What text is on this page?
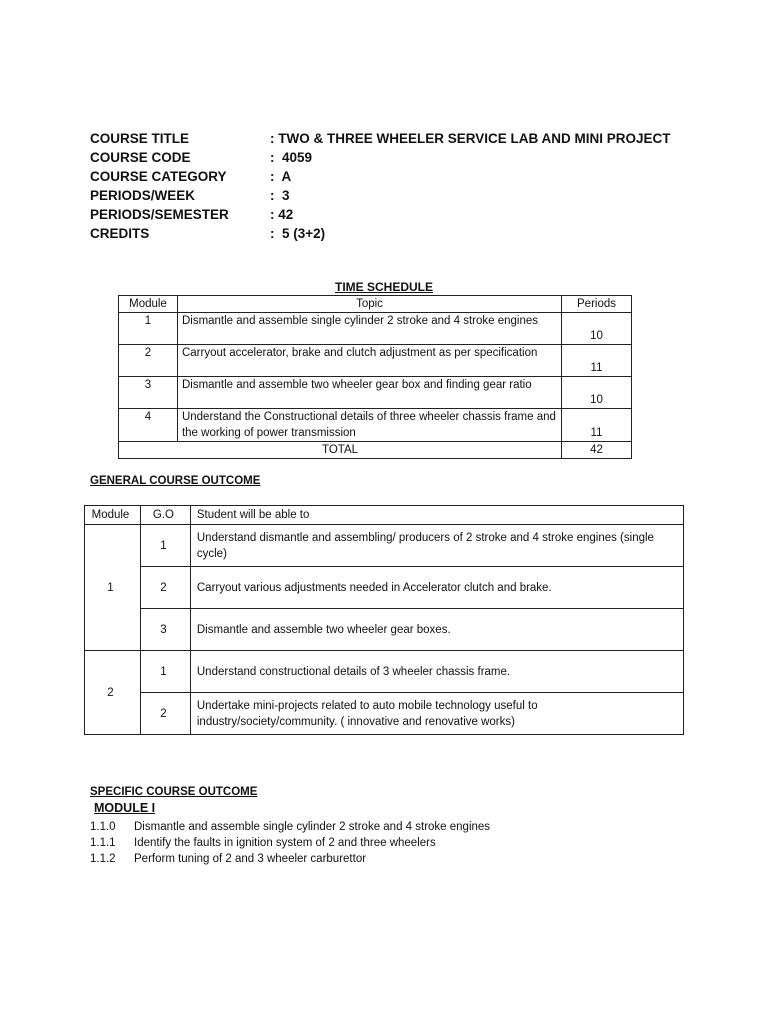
COURSE TITLE	: TWO & THREE WHEELER SERVICE LAB AND MINI PROJECT
COURSE CODE	:  4059
COURSE CATEGORY	:  A
PERIODS/WEEK	:  3
PERIODS/SEMESTER	: 42
CREDITS	:  5 (3+2)
TIME SCHEDULE
Module	Topic	Periods
1	Dismantle and assemble single cylinder 2 stroke and 4 stroke engines	10
2	Carryout accelerator, brake and clutch adjustment as per specification	11
3	Dismantle and assemble two wheeler gear box and finding gear ratio	10
4	Understand the Constructional details of three wheeler chassis frame and the working of power transmission	11
TOTAL		42
GENERAL COURSE OUTCOME
Module	G.O	Student will be able to
1	1	Understand dismantle and assembling/ producers of 2 stroke and 4 stroke engines (single cycle)
	2	Carryout various adjustments needed in Accelerator clutch and brake.
	3	Dismantle and assemble two wheeler gear boxes.
2	1	Understand constructional details of 3 wheeler chassis frame.
	2	Undertake mini-projects related to auto mobile technology useful to industry/society/community. ( innovative and renovative works)
SPECIFIC COURSE OUTCOME
MODULE I
1.1.0	Dismantle and assemble single cylinder 2 stroke and 4 stroke engines
1.1.1	Identify the faults in ignition system of 2 and three wheelers
1.1.2	Perform tuning of 2 and 3 wheeler carburettor
